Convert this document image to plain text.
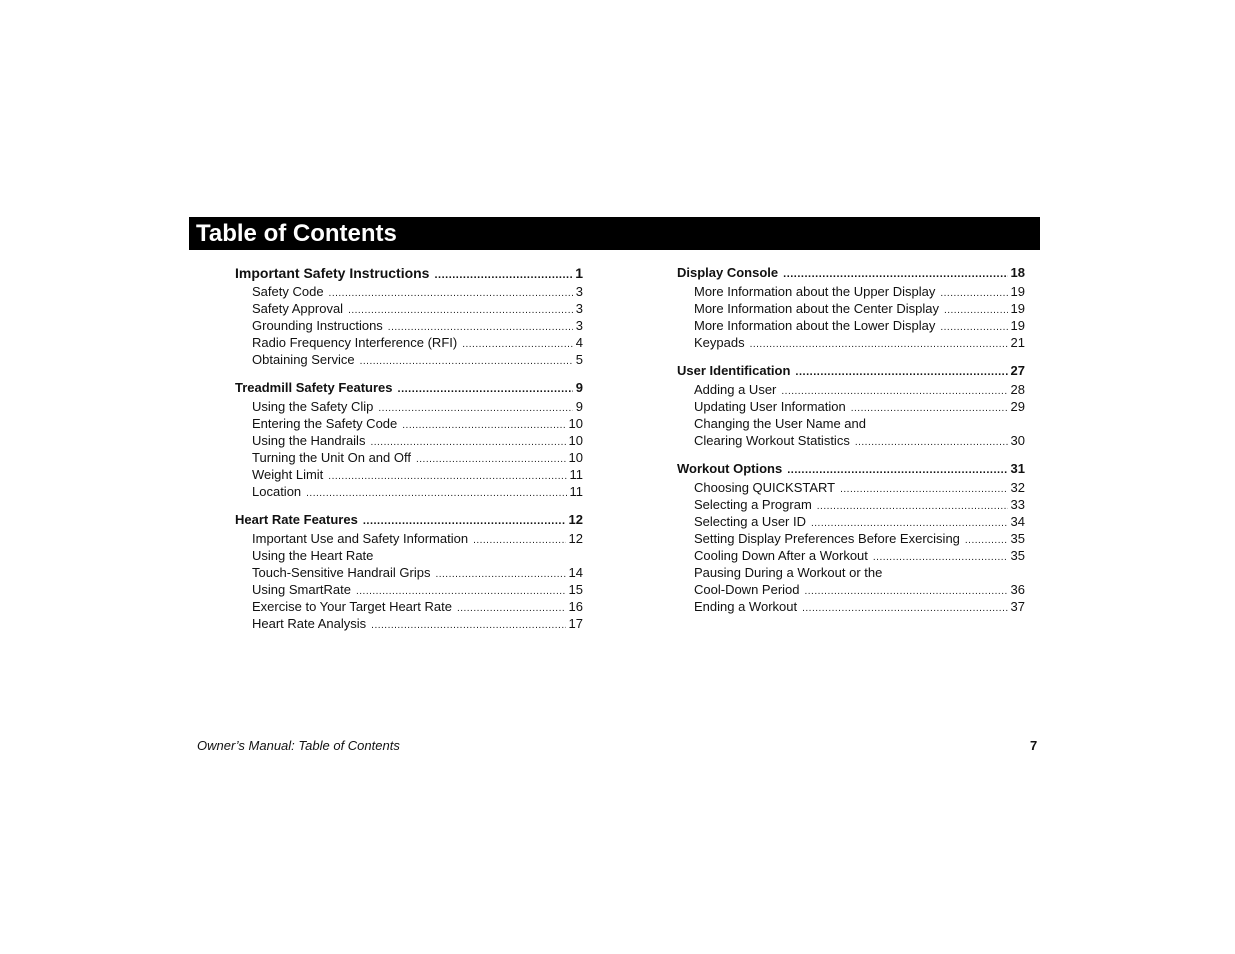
Table of Contents
Important Safety Instructions .....	1
Safety Code .....	3
Safety Approval .....	3
Grounding Instructions .....	3
Radio Frequency Interference (RFI) .....	4
Obtaining Service .....	5
Treadmill Safety Features .....	9
Using the Safety Clip .....	9
Entering the Safety Code .....	10
Using the Handrails .....	10
Turning the Unit On and Off .....	10
Weight Limit .....	11
Location .....	11
Heart Rate Features .....	12
Important Use and Safety Information .....	12
Using the Heart Rate
Touch-Sensitive Handrail Grips .....	14
Using SmartRate .....	15
Exercise to Your Target Heart Rate .....	16
Heart Rate Analysis .....	17
Display Console .....	18
More Information about the Upper Display .....	19
More Information about the Center Display .....	19
More Information about the Lower Display .....	19
Keypads .....	21
User Identification .....	27
Adding a User .....	28
Updating User Information .....	29
Changing the User Name and
Clearing Workout Statistics .....	30
Workout Options .....	31
Choosing QUICKSTART .....	32
Selecting a Program .....	33
Selecting a User ID .....	34
Setting Display Preferences Before Exercising .....	35
Cooling Down After a Workout .....	35
Pausing During a Workout or the
Cool-Down Period .....	36
Ending a Workout .....	37
Owner’s Manual: Table of Contents	7
